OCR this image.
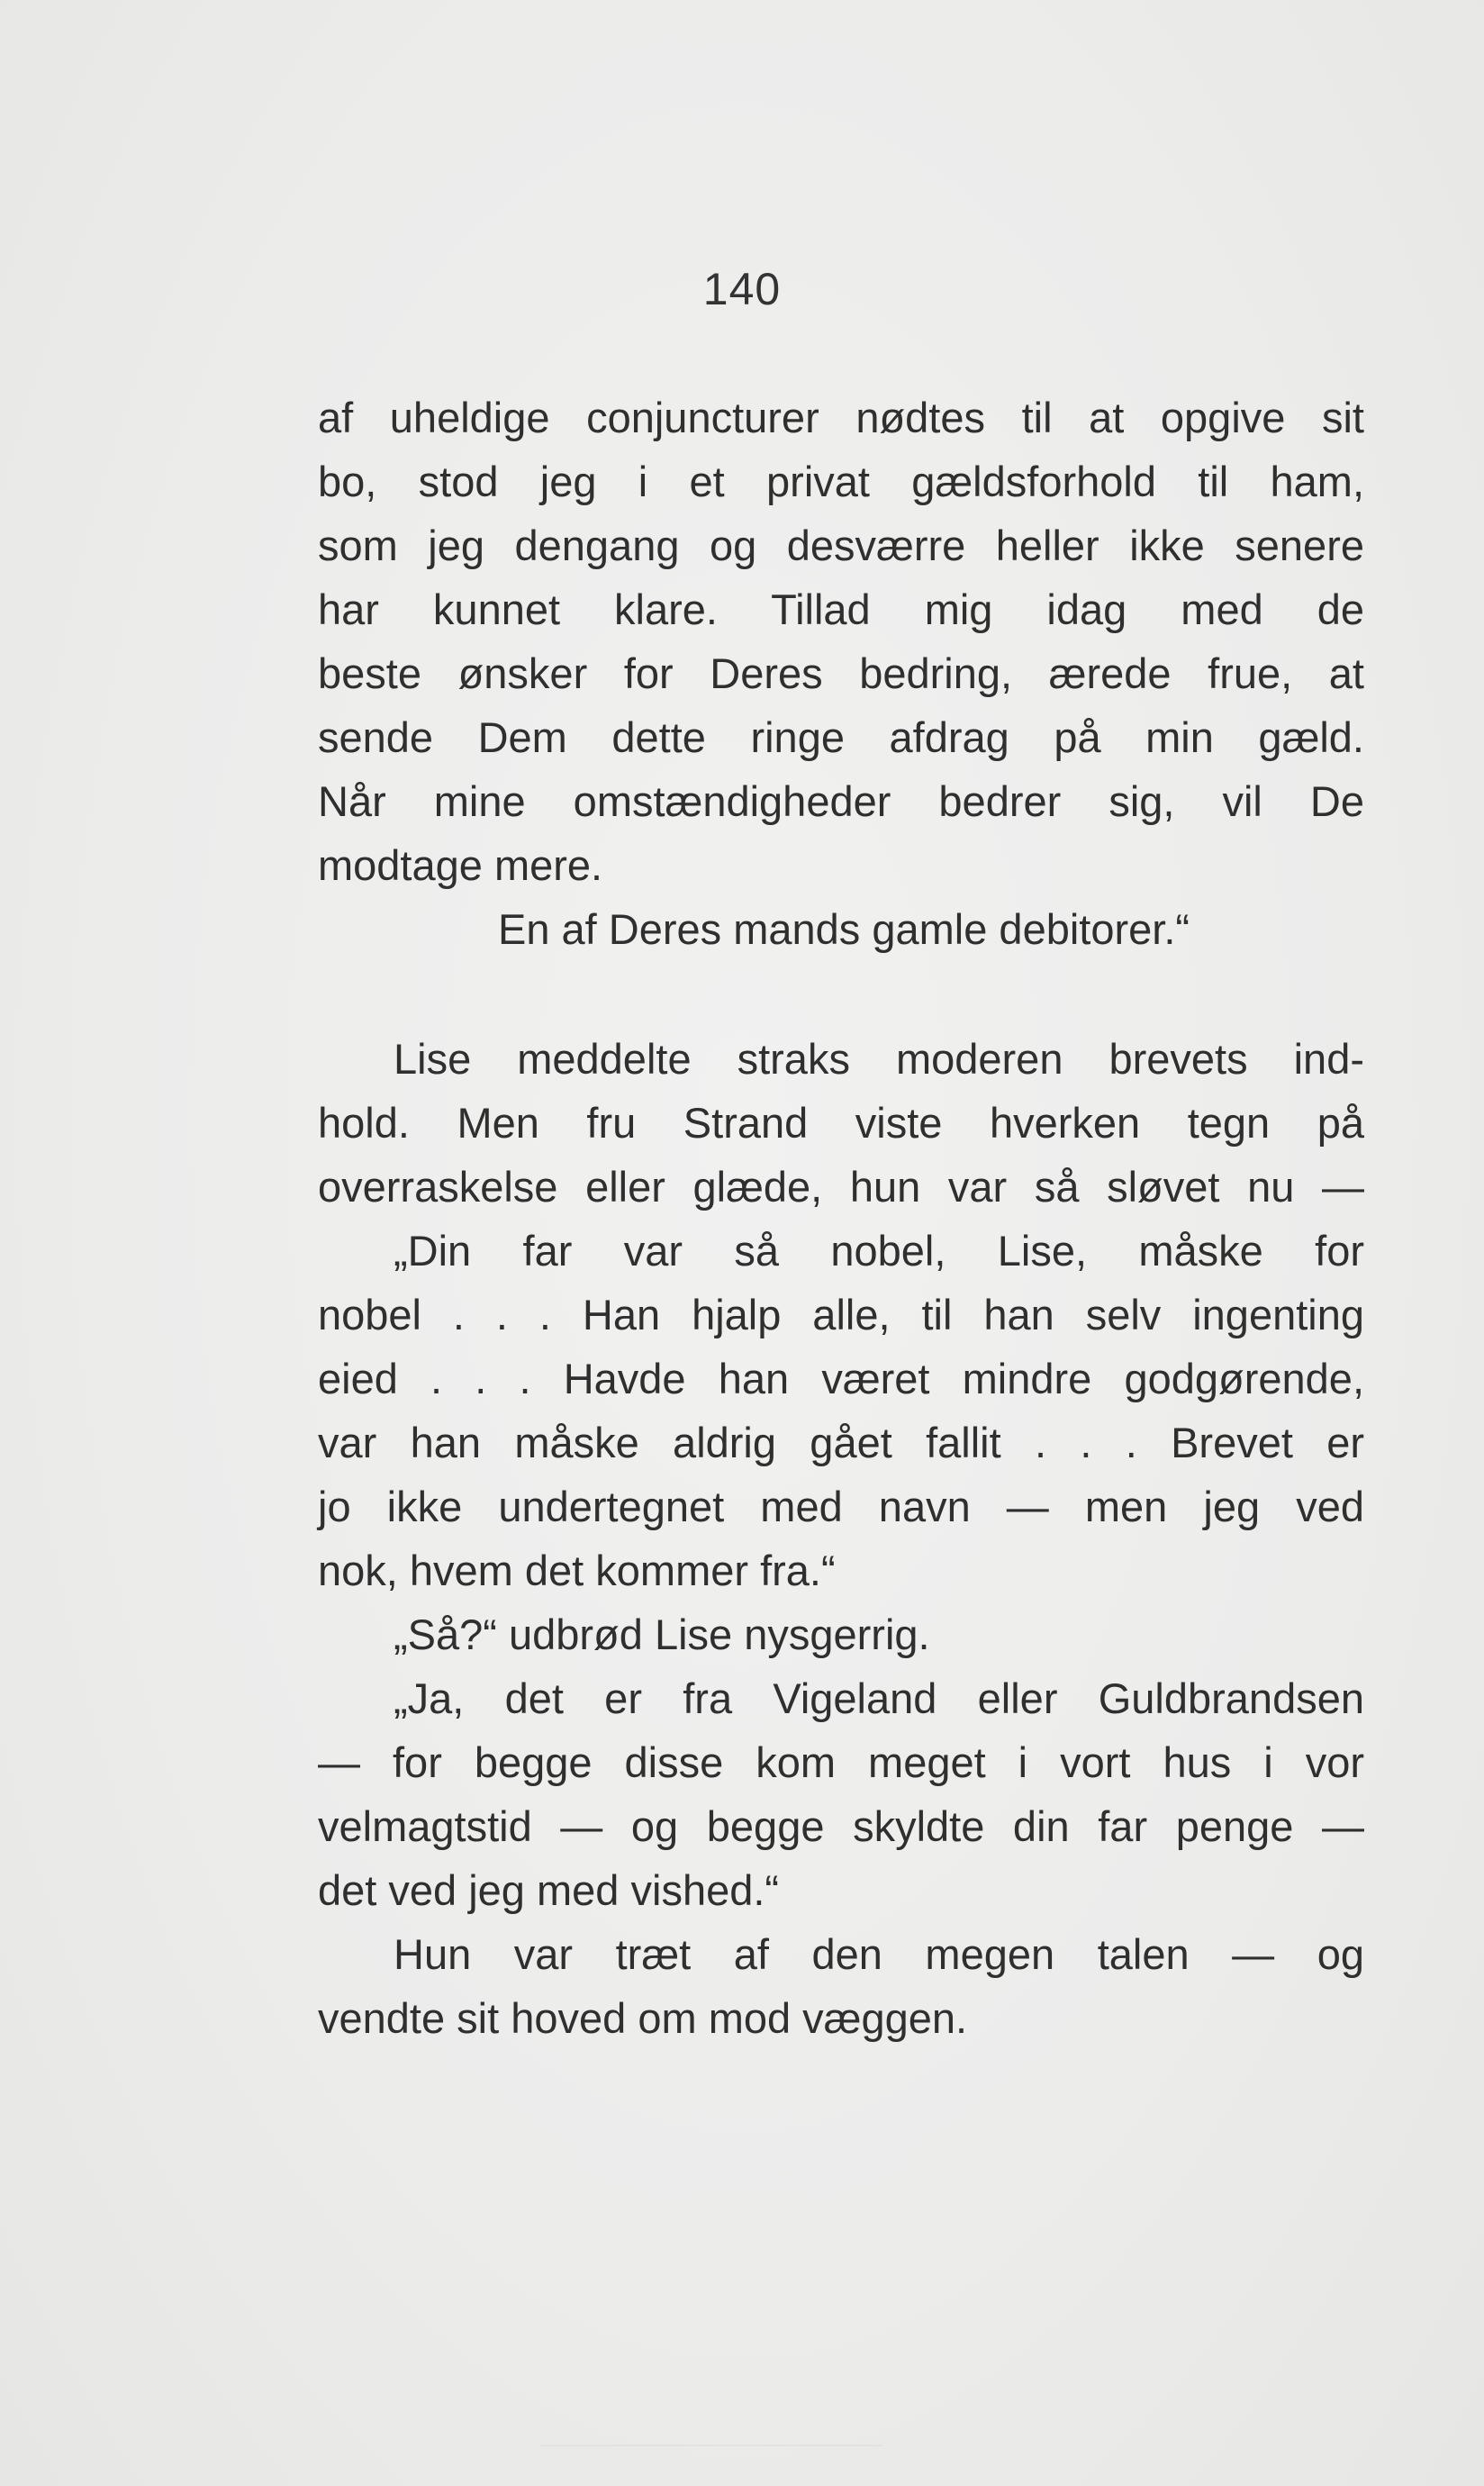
140
af uheldige conjuncturer nødtes til at opgive sit
bo, stod jeg i et privat gældsforhold til ham,
som jeg dengang og desværre heller ikke senere
har kunnet klare. Tillad mig idag med de
beste ønsker for Deres bedring, ærede frue, at
sende Dem dette ringe afdrag på min gæld.
Når mine omstændigheder bedrer sig, vil De
modtage mere.
En af Deres mands gamle debitorer.“
Lise meddelte straks moderen brevets ind-
hold. Men fru Strand viste hverken tegn på
overraskelse eller glæde, hun var så sløvet nu —
„Din far var så nobel, Lise, måske for
nobel . . . Han hjalp alle, til han selv ingenting
eied . . . Havde han været mindre godgørende,
var han måske aldrig gået fallit . . . Brevet er
jo ikke undertegnet med navn — men jeg ved
nok, hvem det kommer fra.“
„Så?“ udbrød Lise nysgerrig.
„Ja, det er fra Vigeland eller Guldbrandsen
— for begge disse kom meget i vort hus i vor
velmagtstid — og begge skyldte din far penge —
det ved jeg med vished.“
Hun var træt af den megen talen — og
vendte sit hoved om mod væggen.
